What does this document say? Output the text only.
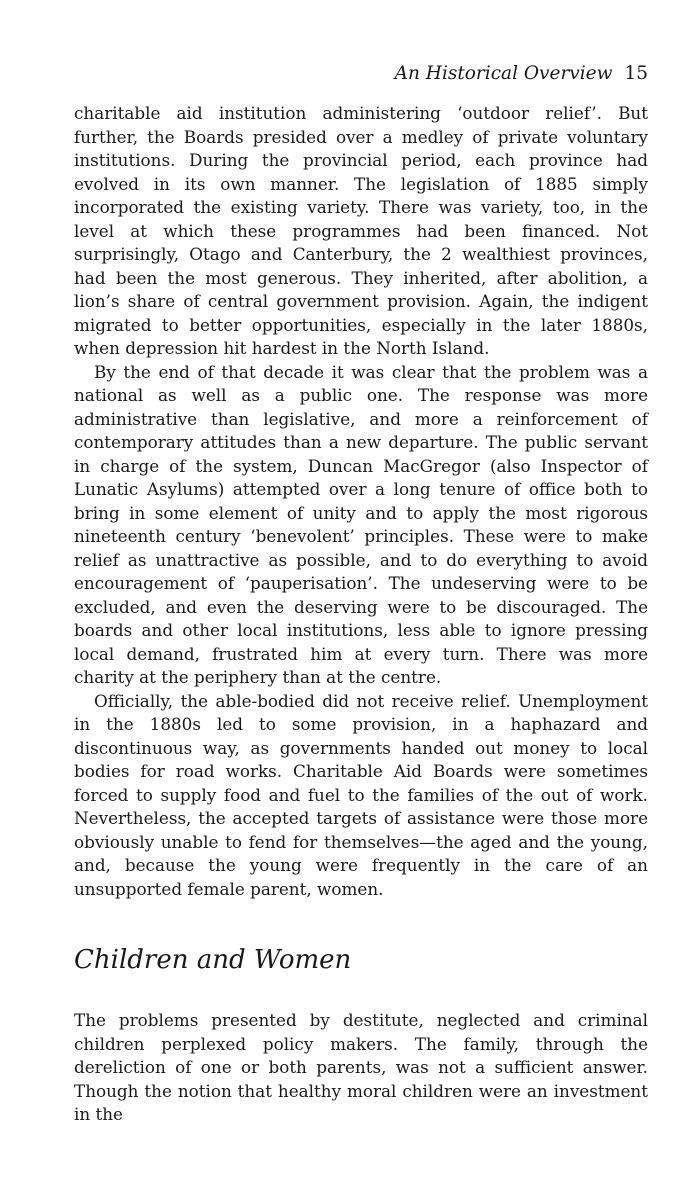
An Historical Overview 15

charitable aid institution administering ‘outdoor relief’. But further, the Boards presided over a medley of private voluntary institutions. During the provincial period, each province had evolved in its own manner. The legislation of 1885 simply incorporated the existing variety. There was variety, too, in the level at which these programmes had been financed. Not surprisingly, Otago and Canterbury, the 2 wealthiest provinces, had been the most generous. They inherited, after abolition, a lion’s share of central government provision. Again, the indigent migrated to better opportunities, especially in the later 1880s, when depression hit hardest in the North Island.

By the end of that decade it was clear that the problem was a national as well as a public one. The response was more administrative than legislative, and more a reinforcement of contemporary attitudes than a new departure. The public servant in charge of the system, Duncan MacGregor (also Inspector of Lunatic Asylums) attempted over a long tenure of office both to bring in some element of unity and to apply the most rigorous nineteenth century ‘benevolent’ principles. These were to make relief as unattractive as possible, and to do everything to avoid encouragement of ‘pauperisation’. The undeserving were to be excluded, and even the deserving were to be discouraged. The boards and other local institutions, less able to ignore pressing local demand, frustrated him at every turn. There was more charity at the periphery than at the centre.

Officially, the able-bodied did not receive relief. Unemployment in the 1880s led to some provision, in a haphazard and discontinuous way, as governments handed out money to local bodies for road works. Charitable Aid Boards were sometimes forced to supply food and fuel to the families of the out of work. Nevertheless, the accepted targets of assistance were those more obviously unable to fend for themselves—the aged and the young, and, because the young were frequently in the care of an unsupported female parent, women.

Children and Women

The problems presented by destitute, neglected and criminal children perplexed policy makers. The family, through the dereliction of one or both parents, was not a sufficient answer. Though the notion that healthy moral children were an investment in the
